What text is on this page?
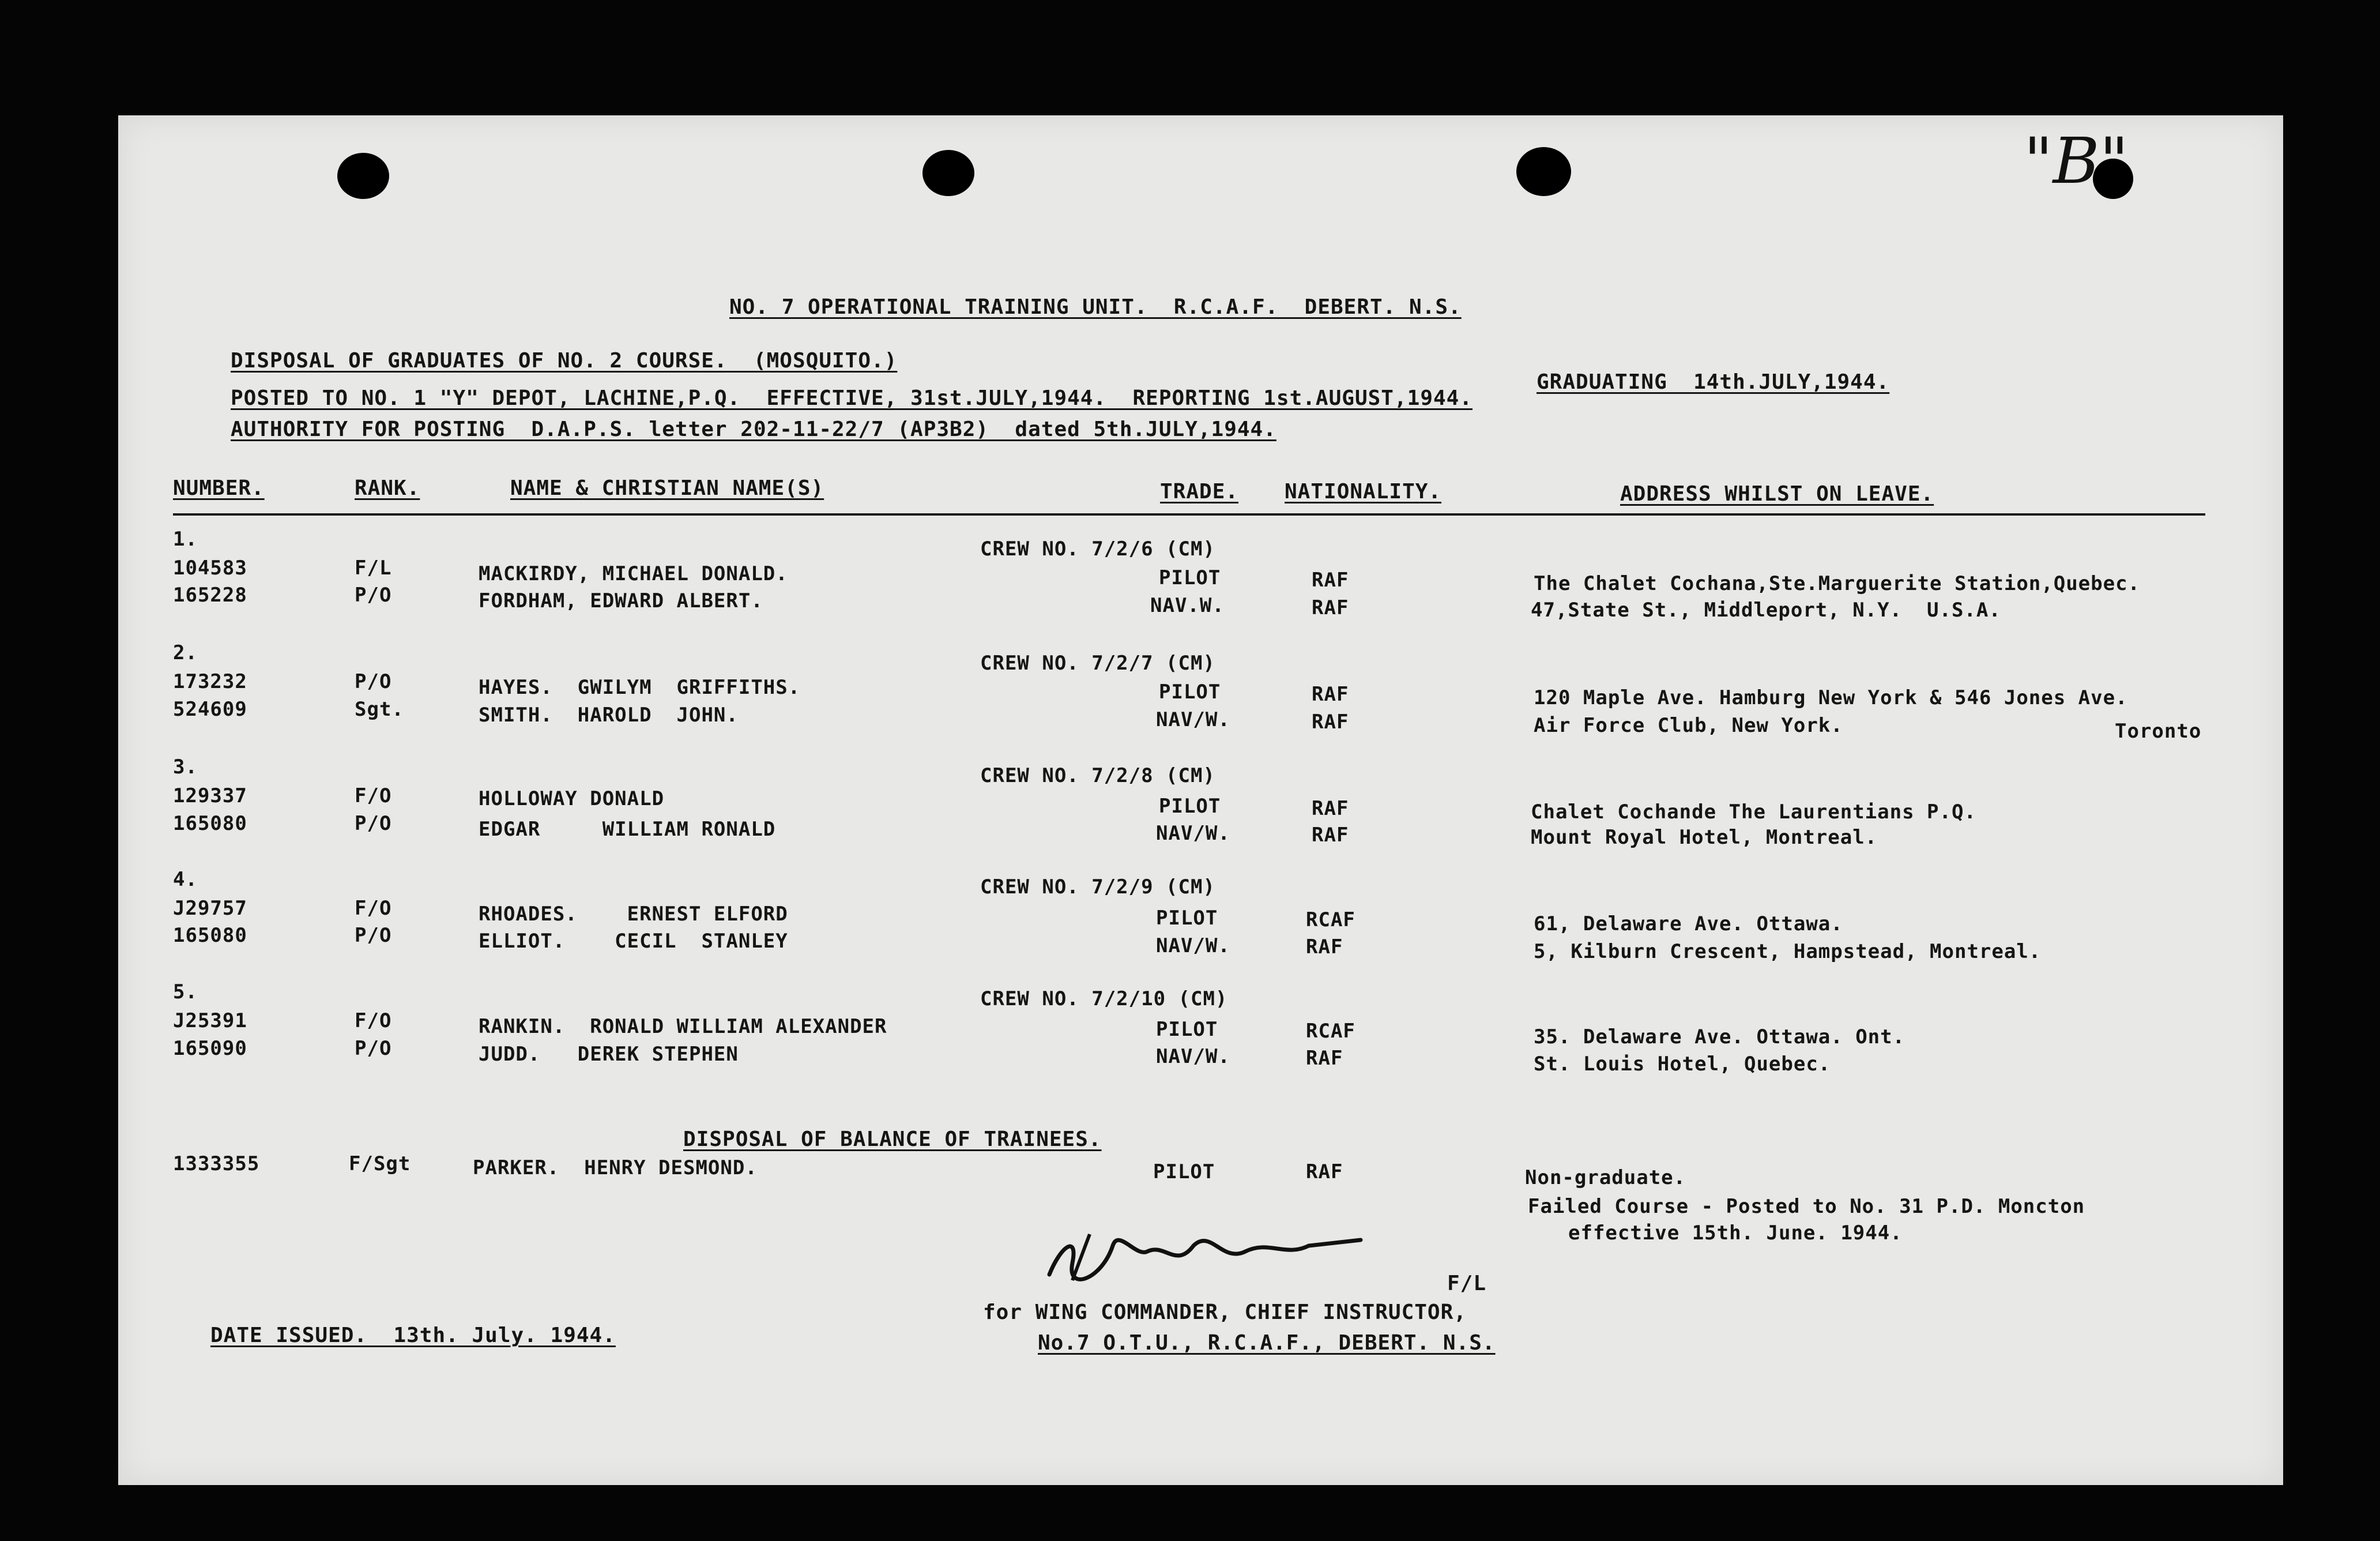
"B"
NO. 7 OPERATIONAL TRAINING UNIT.  R.C.A.F.  DEBERT. N.S.
DISPOSAL OF GRADUATES OF NO. 2 COURSE.  (MOSQUITO.)
GRADUATING  14th.JULY,1944.
POSTED TO NO. 1 "Y" DEPOT, LACHINE,P.Q.  EFFECTIVE, 31st.JULY,1944.  REPORTING 1st.AUGUST,1944.
AUTHORITY FOR POSTING  D.A.P.S. letter 202-11-22/7 (AP3B2)  dated 5th.JULY,1944.
NUMBER.	RANK.	NAME & CHRISTIAN NAME(S)	TRADE. NATIONALITY.	ADDRESS WHILST ON LEAVE.
1.	CREW NO. 7/2/6 (CM)
104583	F/L	MACKIRDY, MICHAEL DONALD.	PILOT	RAF	The Chalet Cochana,Ste.Marguerite Station,Quebec.
165228	P/O	FORDHAM, EDWARD ALBERT.	NAV.W.	RAF	47,State St., Middleport, N.Y.  U.S.A.
2.	CREW NO. 7/2/7 (CM)
173232	P/O	HAYES.  GWILYM  GRIFFITHS.	PILOT	RAF	120 Maple Ave. Hamburg New York & 546 Jones Ave.
524609	Sgt.	SMITH.  HAROLD  JOHN.	NAV/W.	RAF	Air Force Club, New York.	Toronto
3.	CREW NO. 7/2/8 (CM)
129337	F/O	HOLLOWAY DONALD	PILOT	RAF	Chalet Cochande The Laurentians P.Q.
165080	P/O	EDGAR     WILLIAM RONALD	NAV/W.	RAF	Mount Royal Hotel, Montreal.
4.	CREW NO. 7/2/9 (CM)
J29757	F/O	RHOADES.    ERNEST ELFORD	PILOT	RCAF	61, Delaware Ave. Ottawa.
165080	P/O	ELLIOT.    CECIL  STANLEY	NAV/W.	RAF	5, Kilburn Crescent, Hampstead, Montreal.
5.	CREW NO. 7/2/10 (CM)
J25391	F/O	RANKIN.  RONALD WILLIAM ALEXANDER	PILOT	RCAF	35. Delaware Ave. Ottawa. Ont.
165090	P/O	JUDD.   DEREK STEPHEN	NAV/W.	RAF	St. Louis Hotel, Quebec.
DISPOSAL OF BALANCE OF TRAINEES.
1333355	F/Sgt	PARKER.  HENRY DESMOND.	PILOT	RAF	Non-graduate.
Failed Course - Posted to No. 31 P.D. Moncton
effective 15th. June. 1944.
F/L
for WING COMMANDER, CHIEF INSTRUCTOR,
No.7 O.T.U., R.C.A.F., DEBERT. N.S.
DATE ISSUED.  13th. July. 1944.
